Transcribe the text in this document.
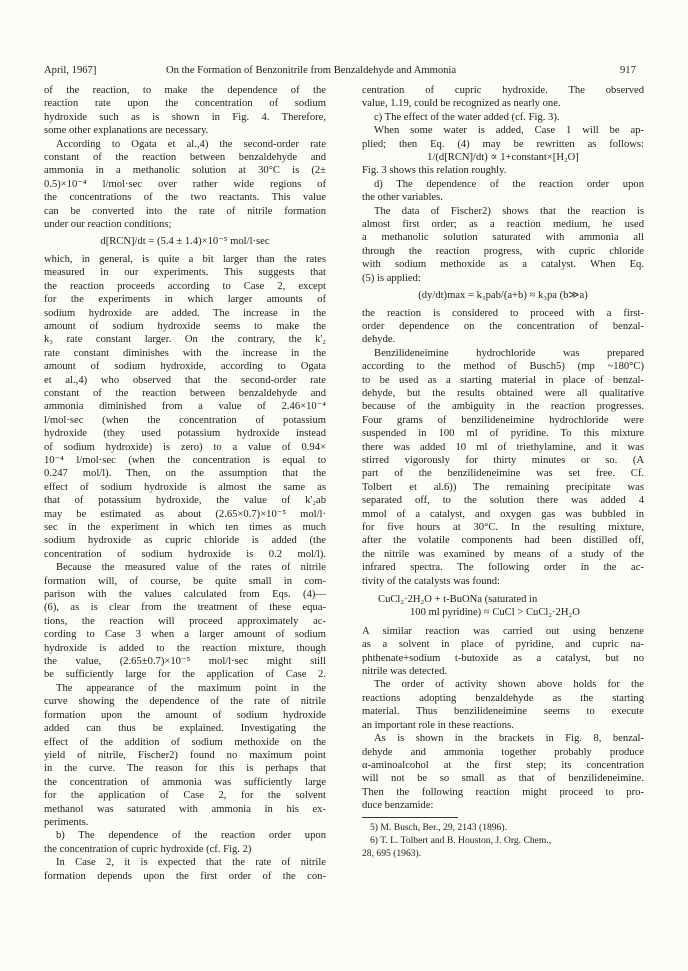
April, 1967]	On the Formation of Benzonitrile from Benzaldehyde and Ammonia	917
of the reaction, to make the dependence of the
reaction rate upon the concentration of sodium
hydroxide such as is shown in Fig. 4. Therefore,
some other explanations are necessary.
According to Ogata et al.,4) the second-order rate
constant of the reaction between benzaldehyde and
ammonia in a methanolic solution at 30°C is (2±
0.5)×10⁻⁴ l/mol·sec over rather wide regions of
the concentrations of the two reactants. This value
can be converted into the rate of nitrile formation
under our reaction conditions;
d[RCN]/dt = (5.4 ± 1.4)×10⁻⁵ mol/l·sec
which, in general, is quite a bit larger than the rates
measured in our experiments. This suggests that
the reaction proceeds according to Case 2, except
for the experiments in which larger amounts of
sodium hydroxide are added. The increase in the
amount of sodium hydroxide seems to make the
k₃ rate constant larger. On the contrary, the k'₂
rate constant diminishes with the increase in the
amount of sodium hydroxide, according to Ogata
et al.,4) who observed that the second-order rate
constant of the reaction between benzaldehyde and
ammonia diminished from a value of 2.46×10⁻⁴
l/mol·sec (when the concentration of potassium
hydroxide (they used potassium hydroxide instead
of sodium hydroxide) is zero) to a value of 0.94×
10⁻⁴ l/mol·sec (when the concentration is equal to
0.247 mol/l). Then, on the assumption that the
effect of sodium hydroxide is almost the same as
that of potassium hydroxide, the value of k'₂ab
may be estimated as about (2.65×0.7)×10⁻⁵ mol/l·
sec in the experiment in which ten times as much
sodium hydroxide as cupric chloride is added (the
concentration of sodium hydroxide is 0.2 mol/l).
Because the measured value of the rates of nitrile
formation will, of course, be quite small in com-
parison with the values calculated from Eqs. (4)—
(6), as is clear from the treatment of these equa-
tions, the reaction will proceed approximately ac-
cording to Case 3 when a larger amount of sodium
hydroxide is added to the reaction mixture, though
the value, (2.65±0.7)×10⁻⁵ mol/l·sec might still
be sufficiently large for the application of Case 2.
The appearance of the maximum point in the
curve showing the dependence of the rate of nitrile
formation upon the amount of sodium hydroxide
added can thus be explained. Investigating the
effect of the addition of sodium methoxide on the
yield of nitrile, Fischer2) found no maximum point
in the curve. The reason for this is perhaps that
the concentration of ammonia was sufficiently large
for the application of Case 2, for the solvent
methanol was saturated with ammonia in his ex-
periments.
b) The dependence of the reaction order upon
the concentration of cupric hydroxide (cf. Fig. 2)
In Case 2, it is expected that the rate of nitrile
formation depends upon the first order of the con-
centration of cupric hydroxide. The observed
value, 1.19, could be recognized as nearly one.
c) The effect of the water added (cf. Fig. 3).
When some water is added, Case 1 will be ap-
plied; then Eq. (4) may be rewritten as follows:
1/(d[RCN]/dt) ∝ 1+constant×[H₂O]
Fig. 3 shows this relation roughly.
d) The dependence of the reaction order upon
the other variables.
The data of Fischer2) shows that the reaction is
almost first order; as a reaction medium, he used
a methanolic solution saturated with ammonia all
through the reaction progress, with cupric chloride
with sodium methoxide as a catalyst. When Eq.
(5) is applied:
(dy/dt)max = k₃pab/(a+b) ≈ k₃pa (b≫a)
the reaction is considered to proceed with a first-
order dependence on the concentration of benzal-
dehyde.
Benzilideneimine hydrochloride was prepared
according to the method of Busch5) (mp ~180°C)
to be used as a starting material in place of benzal-
dehyde, but the results obtained were all qualitative
because of the ambiguity in the reaction progresses.
Four grams of benzilideneimine hydrochloride were
suspended in 100 ml of pyridine. To this mixture
there was added 10 ml of triethylamine, and it was
stirred vigorously for thirty minutes or so. (A
part of the benzilideneimine was set free. Cf.
Tolbert et al.6)) The remaining precipitate was
separated off, to the solution there was added 4
mmol of a catalyst, and oxygen gas was bubbled in
for five hours at 30°C. In the resulting mixture,
after the volatile components had been distilled off,
the nitrile was examined by means of a study of the
infrared spectra. The following order in the ac-
tivity of the catalysts was found:
CuCl₂·2H₂O + t-BuONa (saturated in
100 ml pyridine) ≈ CuCl > CuCl₂·2H₂O
A similar reaction was carried out using benzene
as a solvent in place of pyridine, and cupric na-
phthenate+sodium t-butoxide as a catalyst, but no
nitrile was detected.
The order of activity shown above holds for the
reactions adopting benzaldehyde as the starting
material. Thus benzilideneimine seems to execute
an important role in these reactions.
As is shown in the brackets in Fig. 8, benzal-
dehyde and ammonia together probably produce
α-aminoalcohol at the first step; its concentration
will not be so small as that of benzilideneimine.
Then the following reaction might proceed to pro-
duce benzamide:
5) M. Busch, Ber., 29, 2143 (1896).
6) T. L. Tolbert and B. Houston, J. Org. Chem.,
28, 695 (1963).
